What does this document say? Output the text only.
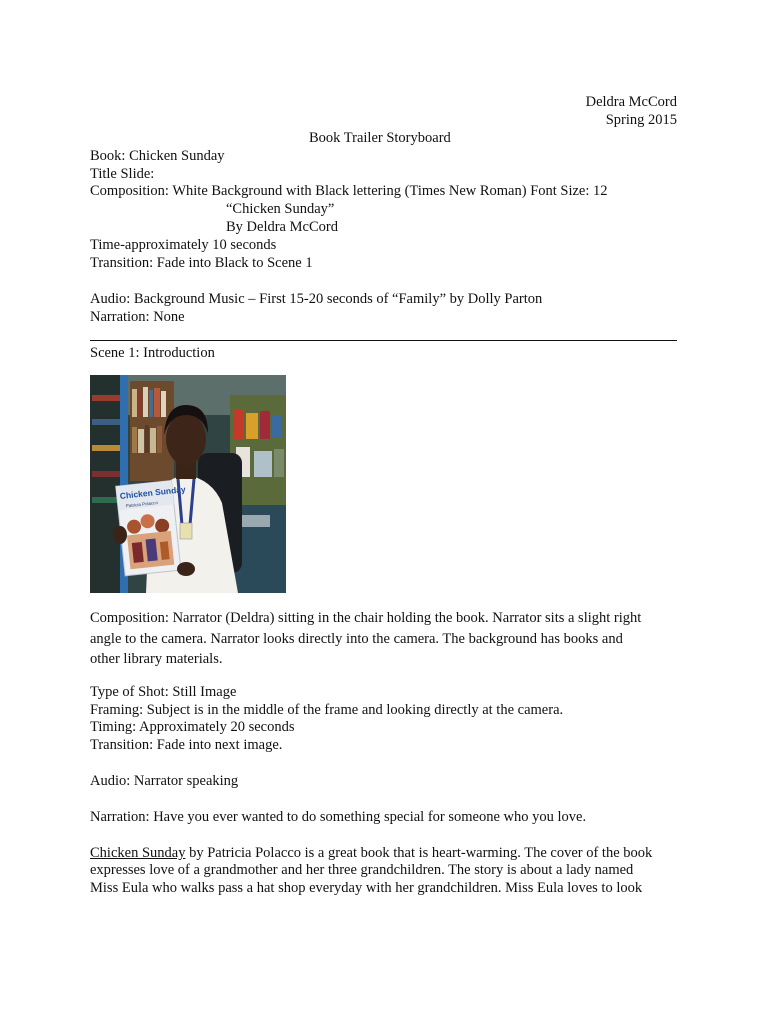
Deldra McCord
Spring 2015
Book Trailer Storyboard
Book: Chicken Sunday
Title Slide:
Composition: White Background with Black lettering (Times New Roman) Font Size: 12
“Chicken Sunday”
By Deldra McCord
Time-approximately 10 seconds
Transition: Fade into Black to Scene 1
Audio: Background Music – First 15-20 seconds of “Family” by Dolly Parton
Narration: None
Scene 1: Introduction
Chicken Sunday
Patricia Polacco
Composition: Narrator (Deldra) sitting in the chair holding the book. Narrator sits a slight right
angle to the camera. Narrator looks directly into the camera. The background has books and
other library materials.
Type of Shot: Still Image
Framing: Subject is in the middle of the frame and looking directly at the camera.
Timing: Approximately 20 seconds
Transition: Fade into next image.
Audio: Narrator speaking
Narration: Have you ever wanted to do something special for someone who you love.
Chicken Sunday by Patricia Polacco is a great book that is heart-warming. The cover of the book
expresses love of a grandmother and her three grandchildren. The story is about a lady named
Miss Eula who walks pass a hat shop everyday with her grandchildren. Miss Eula loves to look
